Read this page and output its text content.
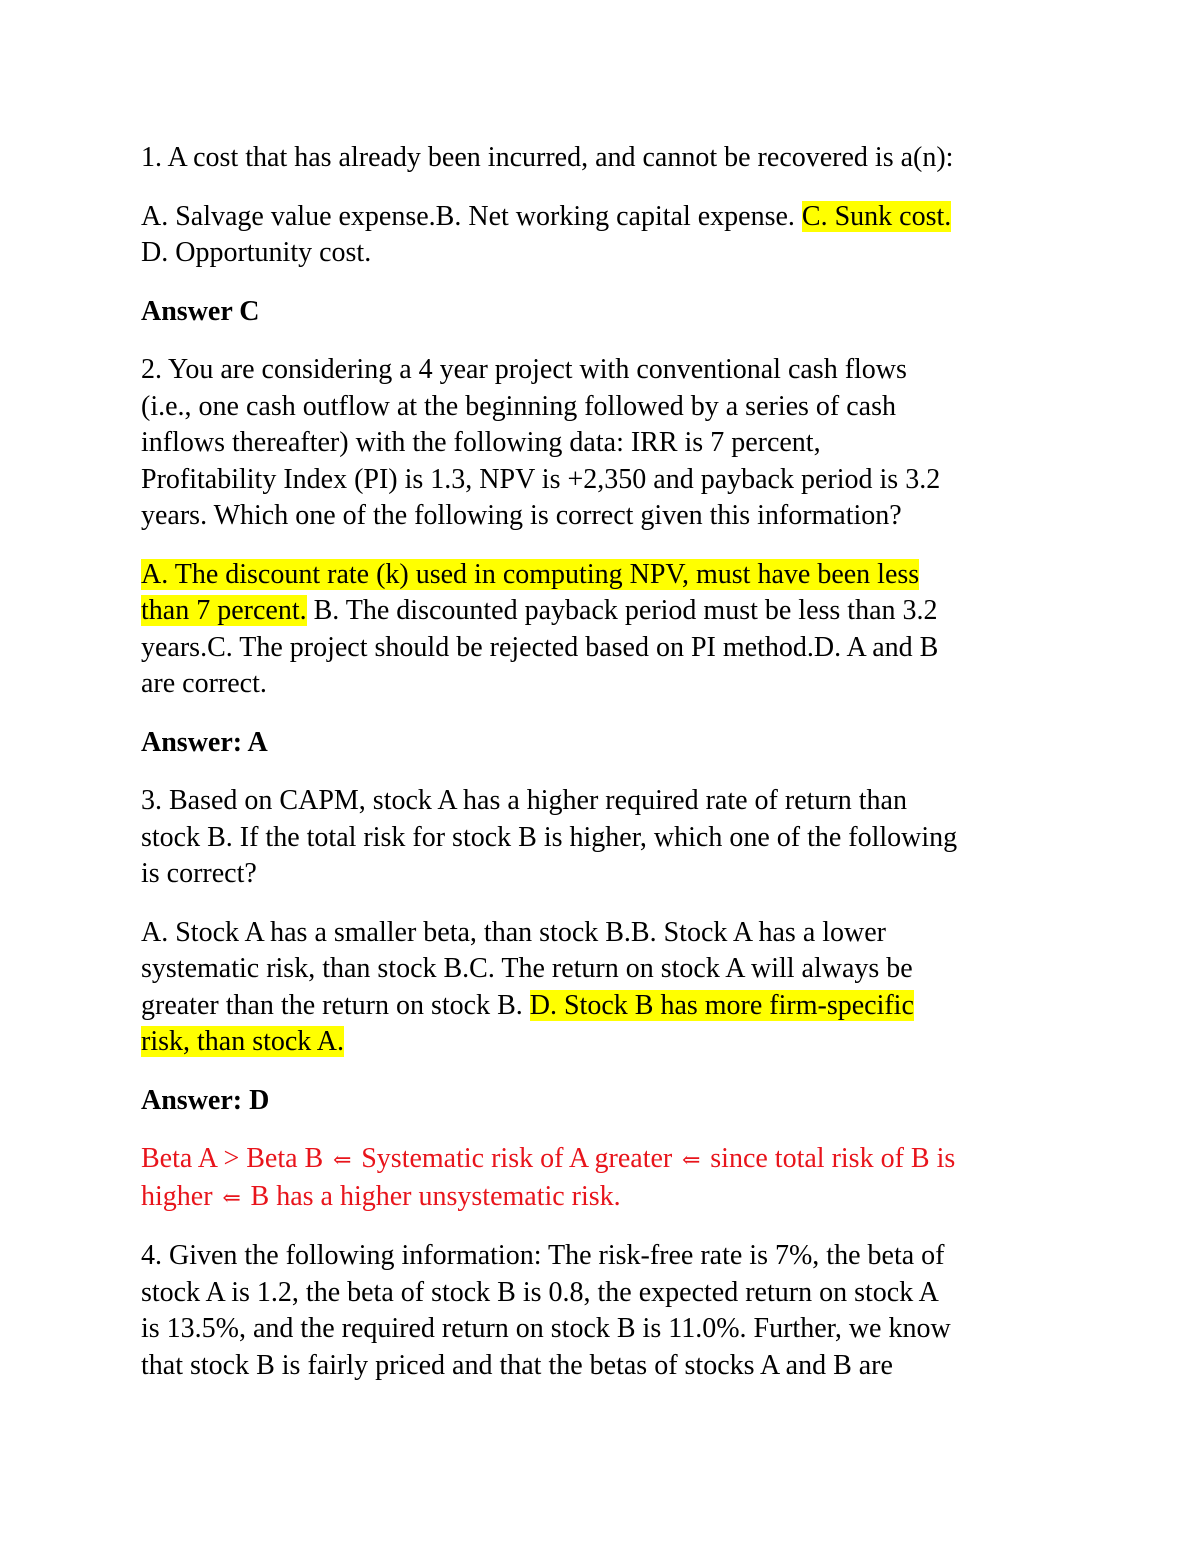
1. A cost that has already been incurred, and cannot be recovered is a(n):

A. Salvage value expense.B. Net working capital expense. C. Sunk cost.
D. Opportunity cost.

Answer C

2. You are considering a 4 year project with conventional cash flows
(i.e., one cash outflow at the beginning followed by a series of cash
inflows thereafter) with the following data: IRR is 7 percent,
Profitability Index (PI) is 1.3, NPV is +2,350 and payback period is 3.2
years. Which one of the following is correct given this information?

A. The discount rate (k) used in computing NPV, must have been less
than 7 percent. B. The discounted payback period must be less than 3.2
years.C. The project should be rejected based on PI method.D. A and B
are correct.

Answer: A

3. Based on CAPM, stock A has a higher required rate of return than
stock B. If the total risk for stock B is higher, which one of the following
is correct?

A. Stock A has a smaller beta, than stock B.B. Stock A has a lower
systematic risk, than stock B.C. The return on stock A will always be
greater than the return on stock B. D. Stock B has more firm-specific
risk, than stock A.

Answer: D

Beta A > Beta B ⇐ Systematic risk of A greater ⇐ since total risk of B is
higher ⇐ B has a higher unsystematic risk.

4. Given the following information: The risk-free rate is 7%, the beta of
stock A is 1.2, the beta of stock B is 0.8, the expected return on stock A
is 13.5%, and the required return on stock B is 11.0%. Further, we know
that stock B is fairly priced and that the betas of stocks A and B are
